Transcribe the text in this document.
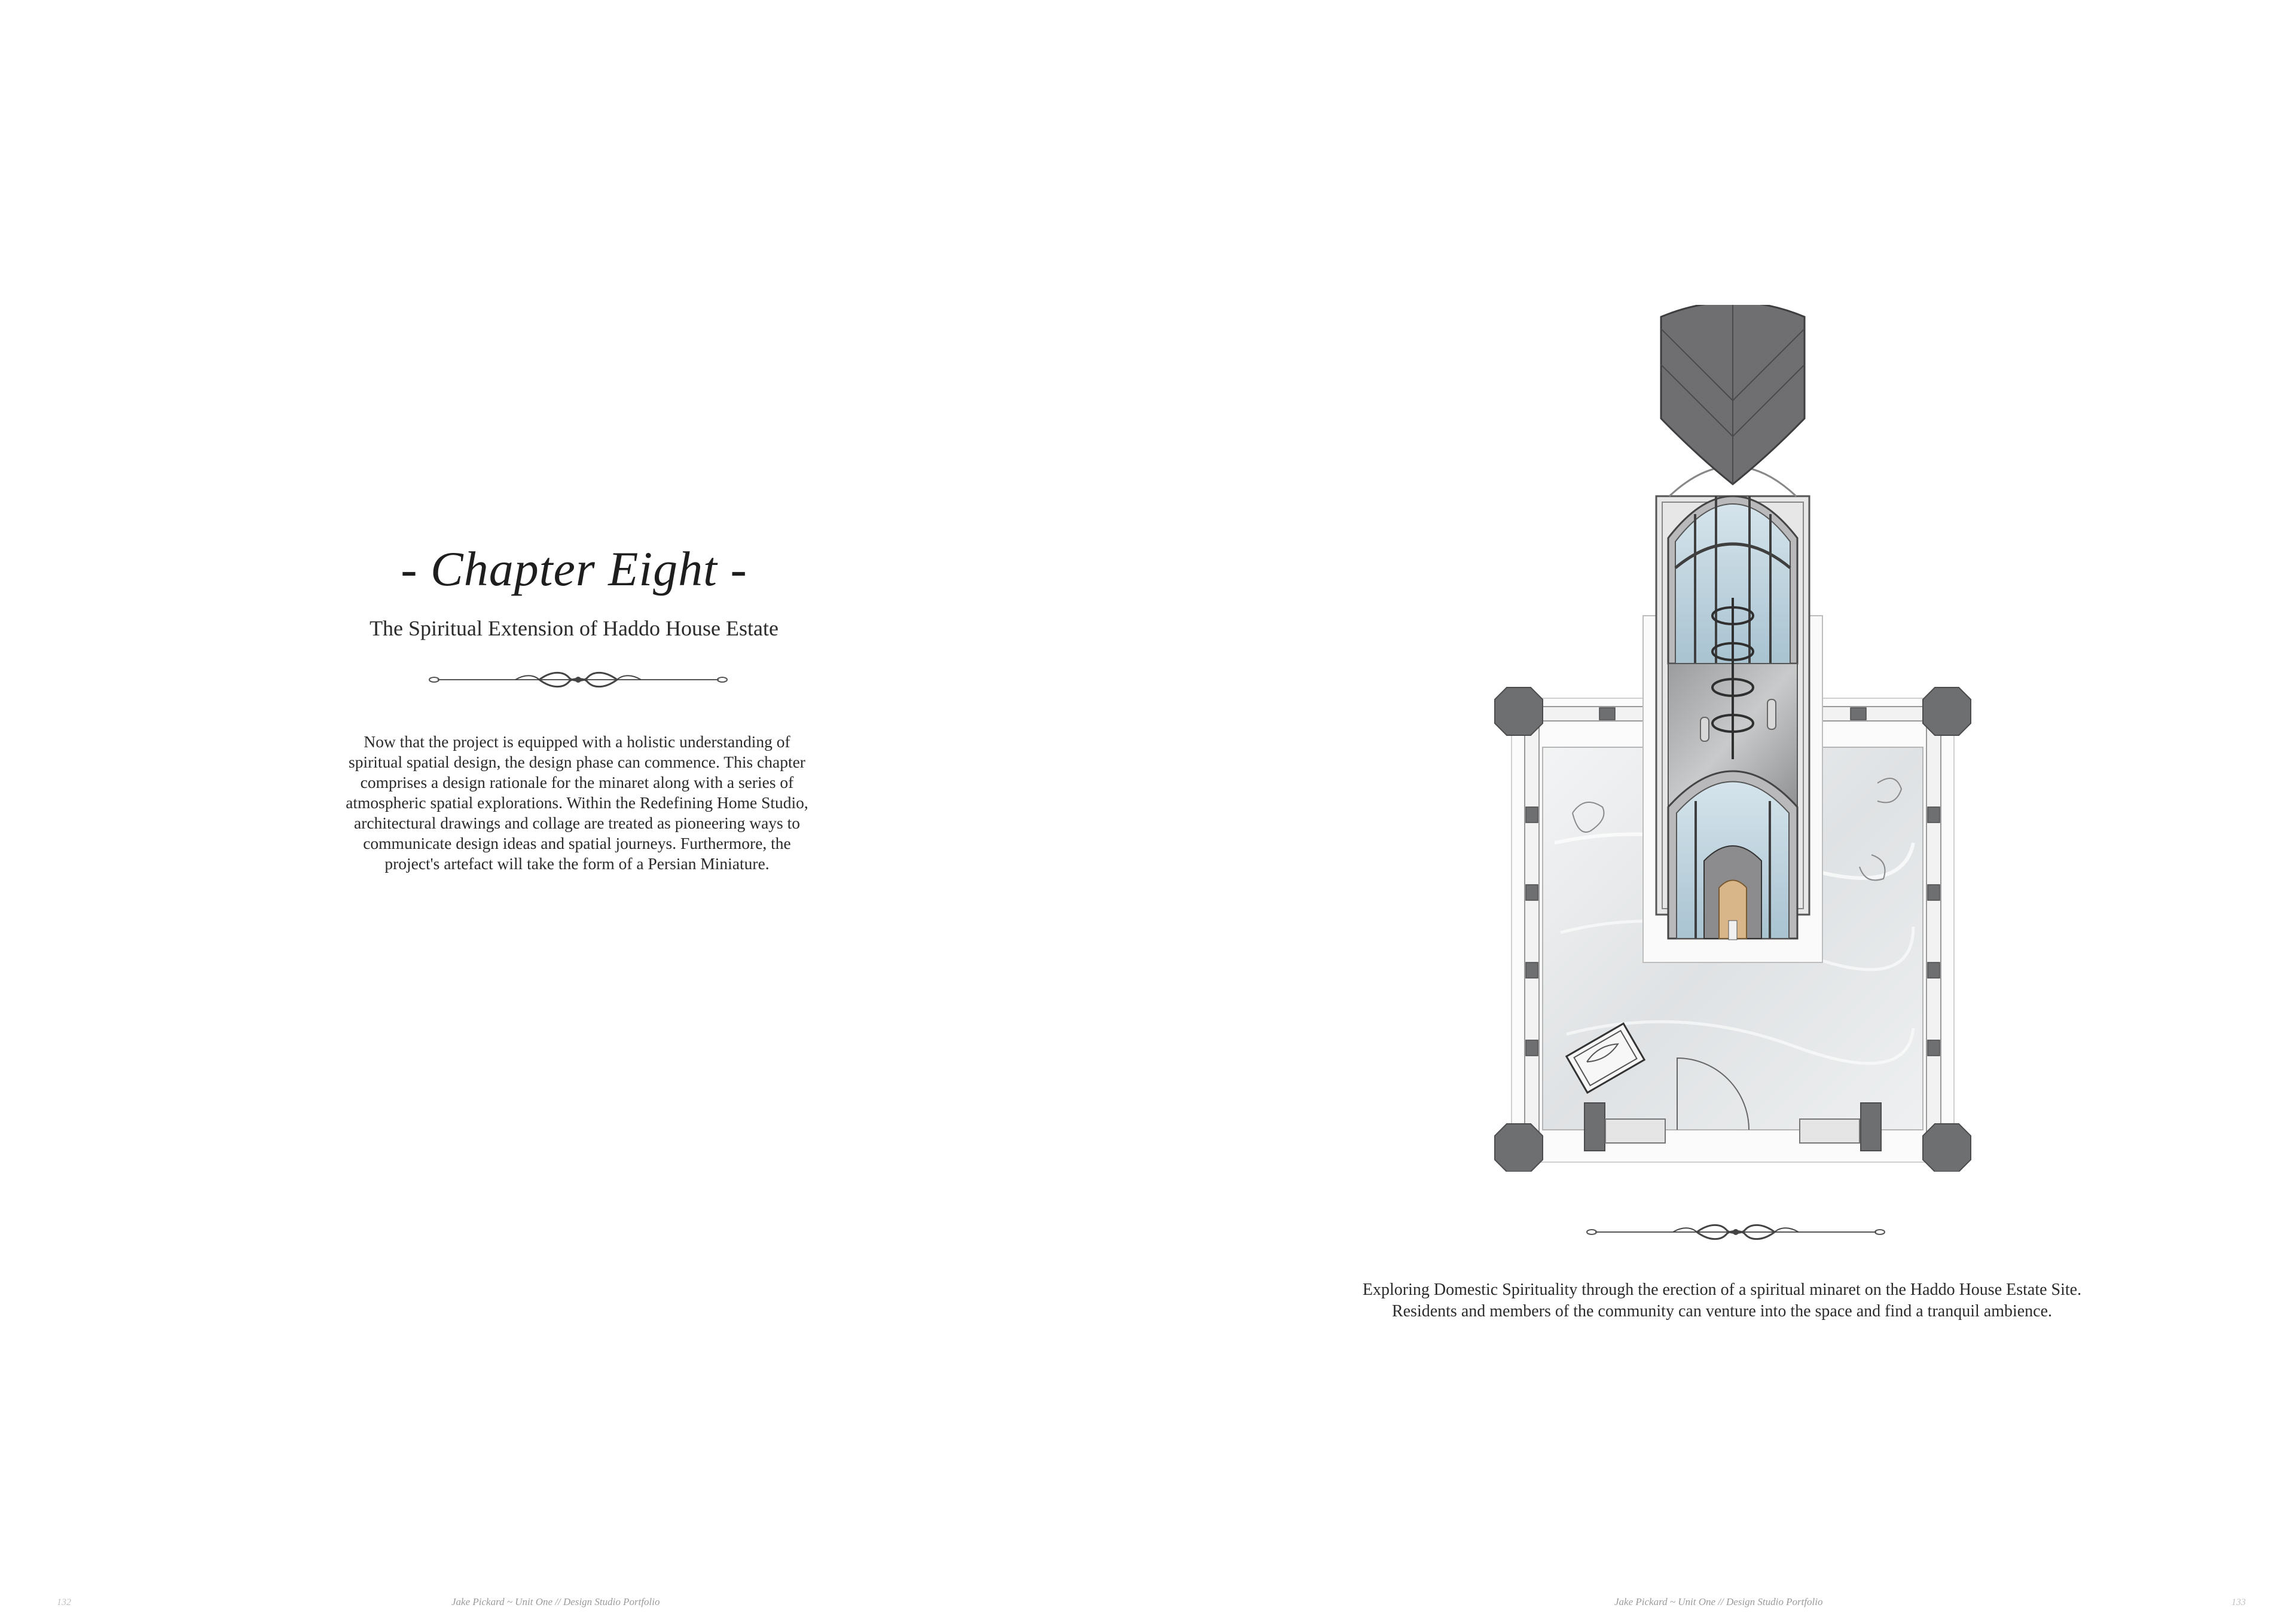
- Chapter Eight -
The Spiritual Extension of Haddo House Estate
Now that the project is equipped with a holistic understanding of
spiritual spatial design, the design phase can commence. This chapter
comprises a design rationale for the minaret along with a series of
atmospheric spatial explorations. Within the Redefining Home Studio,
architectural drawings and collage are treated as pioneering ways to
communicate design ideas and spatial journeys. Furthermore, the
project's artefact will take the form of a Persian Miniature.
132	Jake Pickard ~ Unit One // Design Studio Portfolio
Exploring Domestic Spirituality through the erection of a spiritual minaret on the Haddo House Estate Site.
Residents and members of the community can venture into the space and find a tranquil ambience.
Jake Pickard ~ Unit One // Design Studio Portfolio	133
